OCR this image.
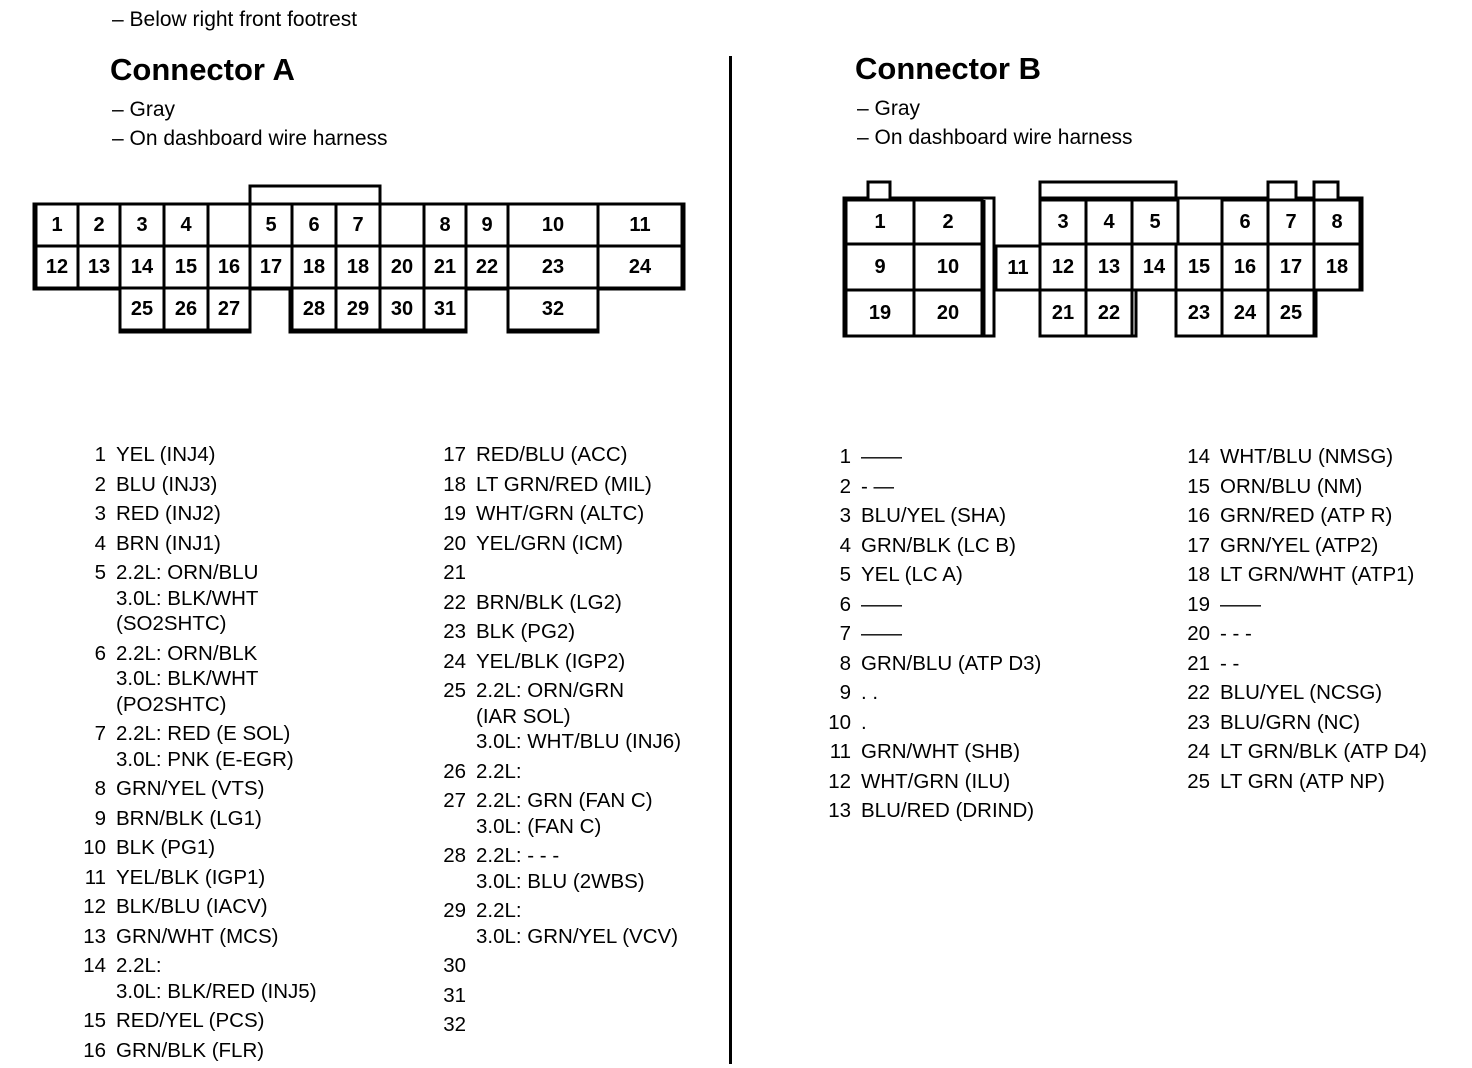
– Below right front footrest
Connector A
– Gray
– On dashboard wire harness
Connector B
– Gray
– On dashboard wire harness
1 2 3 4	5 6 7	8 9 10	11
12 13 14 15 16 17 18 18 20 21 22 23	24
25 26 27	28 29 30 31	32
1	2	3 4 5	6 7 8
9	10 11 12 13 14 15 16 17 18
19 20	21 22	23 24 25
1 YEL (INJ4)
2 BLU (INJ3)
3 RED (INJ2)
4 BRN (INJ1)
5 2.2L: ORN/BLU
3.0L: BLK/WHT
(SO2SHTC)
6 2.2L: ORN/BLK
3.0L: BLK/WHT
(PO2SHTC)
7 2.2L: RED (E SOL)
3.0L: PNK (E-EGR)
8 GRN/YEL (VTS)
9 BRN/BLK (LG1)
10 BLK (PG1)
11 YEL/BLK (IGP1)
12 BLK/BLU (IACV)
13 GRN/WHT (MCS)
14 2.2L:
3.0L: BLK/RED (INJ5)
15 RED/YEL (PCS)
16 GRN/BLK (FLR)
17 RED/BLU (ACC)
18 LT GRN/RED (MIL)
19 WHT/GRN (ALTC)
20 YEL/GRN (ICM)
21
22 BRN/BLK (LG2)
23 BLK (PG2)
24 YEL/BLK (IGP2)
25 2.2L: ORN/GRN
(IAR SOL)
3.0L: WHT/BLU (INJ6)
26 2.2L:
27 2.2L: GRN (FAN C)
3.0L: (FAN C)
28 2.2L: - - -
3.0L: BLU (2WBS)
29 2.2L:
3.0L: GRN/YEL (VCV)
30
31
32
1 ——
2 - —
3 BLU/YEL (SHA)
4 GRN/BLK (LC B)
5 YEL (LC A)
6 ——
7 ——
8 GRN/BLU (ATP D3)
9 . .
10 .
11 GRN/WHT (SHB)
12 WHT/GRN (ILU)
13 BLU/RED (DRIND)
14 WHT/BLU (NMSG)
15 ORN/BLU (NM)
16 GRN/RED (ATP R)
17 GRN/YEL (ATP2)
18 LT GRN/WHT (ATP1)
19 ——
20 - - -
21 - -
22 BLU/YEL (NCSG)
23 BLU/GRN (NC)
24 LT GRN/BLK (ATP D4)
25 LT GRN (ATP NP)
